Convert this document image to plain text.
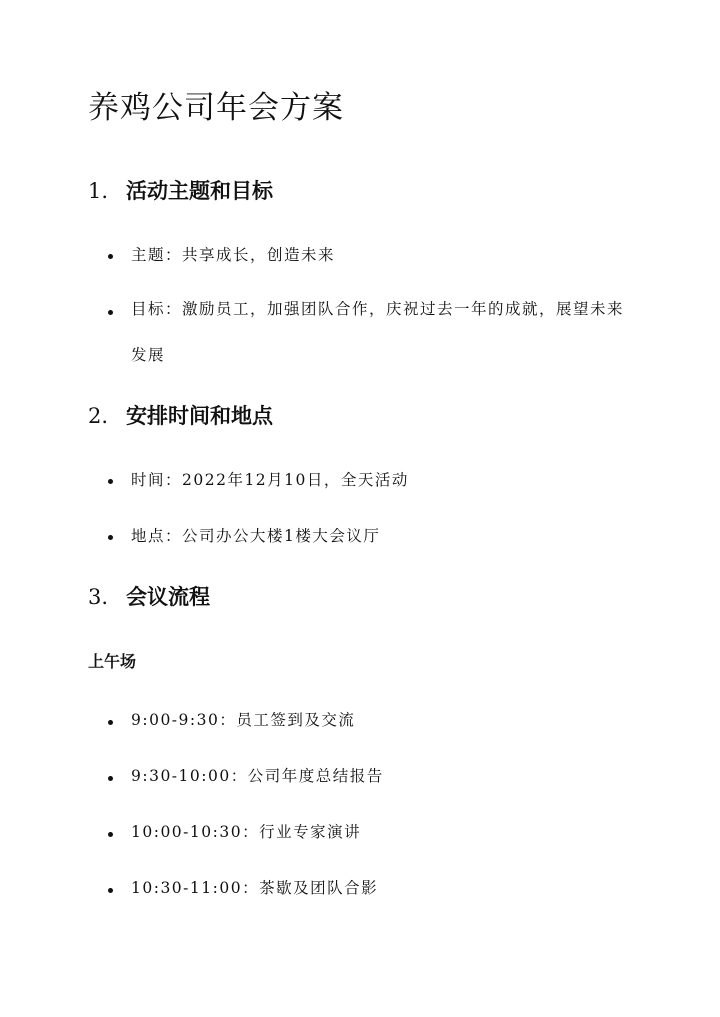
养鸡公司年会方案
1. 活动主题和目标

主题：共享成长，创造未来

目标：激励员工，加强团队合作，庆祝过去一年的成就，展望未来发展

2. 安排时间和地点

时间：2022年12月10日，全天活动

地点：公司办公大楼1楼大会议厅

3. 会议流程
上午场

9:00-9:30：员工签到及交流

9:30-10:00：公司年度总结报告

10:00-10:30：行业专家演讲

10:30-11:00：茶歇及团队合影
